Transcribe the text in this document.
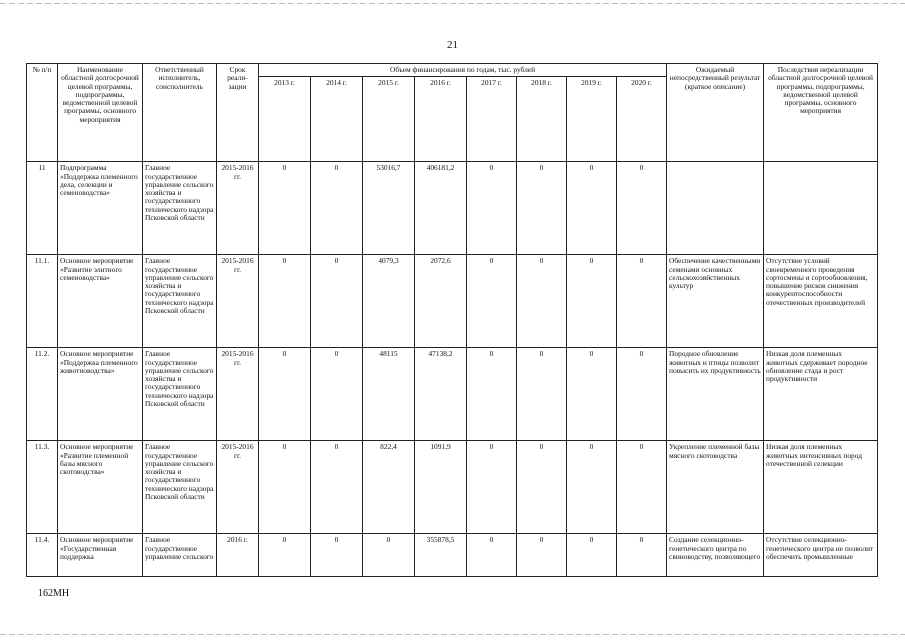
21
№ п/п	Наименование областной долгосрочной целевой программы, подпрограммы, ведомственной целевой программы, основного мероприятия	Ответственный исполнитель, соисполнитель	Срок реали-зации	Объем финансирования по годам, тыс. рублей								Ожидаемый непосредственный результат (краткое описание)	Последствия нереализации областной долгосрочной целевой программы, подпрограммы, ведомственной целевой программы, основного мероприятия
				2013 г.	2014 г.	2015 г.	2016 г.	2017 г.	2018 г.	2019 г.	2020 г.		
11	Подпрограмма «Поддержка племенного дела, селекции и семеноводства»	Главное государственное управление сельского хозяйства и государственного технического надзора Псковской области	2015-2016 гг.	0	0	53016,7	406181,2	0	0	0	0		
11.1.	Основное мероприятие «Развитие элитного семеноводства»	Главное государственное управление сельского хозяйства и государственного технического надзора Псковской области	2015-2016 гг.	0	0	4079,3	2072,6	0	0	0	0	Обеспечение качественными семенами основных сельскохозяйственных культур	Отсутствие условий своевременного проведения сортосмены и сортообновления, повышение рисков снижения конкурентоспособности отечественных производителей
11.2.	Основное мероприятие «Поддержка племенного животноводства»	Главное государственное управление сельского хозяйства и государственного технического надзора Псковской области	2015-2016 гг.	0	0	48115	47138,2	0	0	0	0	Породное обновление животных и птицы позволит повысить их продуктивность	Низкая доля племенных животных сдерживает породное обновление стада и рост продуктивности
11.3.	Основное мероприятие «Развитие племенной базы мясного скотоводства»	Главное государственное управление сельского хозяйства и государственного технического надзора Псковской области	2015-2016 гг.	0	0	822,4	1091,9	0	0	0	0	Укрепление племенной базы мясного скотоводства	Низкая доля племенных животных интенсивных пород отечественной селекции
11.4.	Основное мероприятие «Государственная поддержка	Главное государственное управление сельского	2016 г.	0	0	0	355878,5	0	0	0	0	Создание селекционно-генетического центра по свиноводству, позволяющего	Отсутствие селекционно-генетического центра не позволит обеспечить промышленные
162МН
